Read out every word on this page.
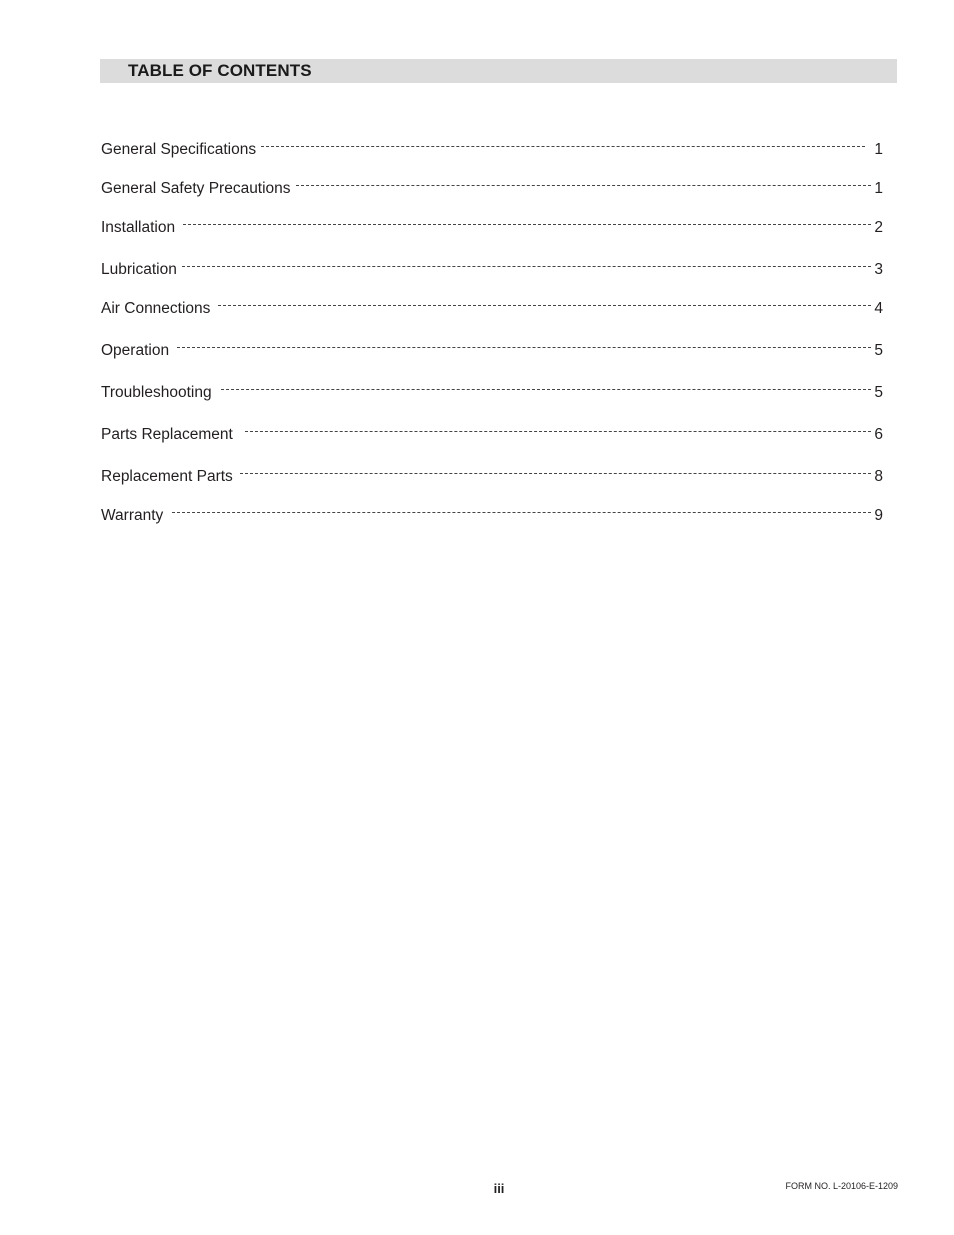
TABLE OF CONTENTS
General Specifications	1
General Safety Precautions	1
Installation	2
Lubrication	3
Air Connections	4
Operation	5
Troubleshooting	5
Parts Replacement	6
Replacement Parts	8
Warranty	9
iii	FORM NO. L-20106-E-1209
